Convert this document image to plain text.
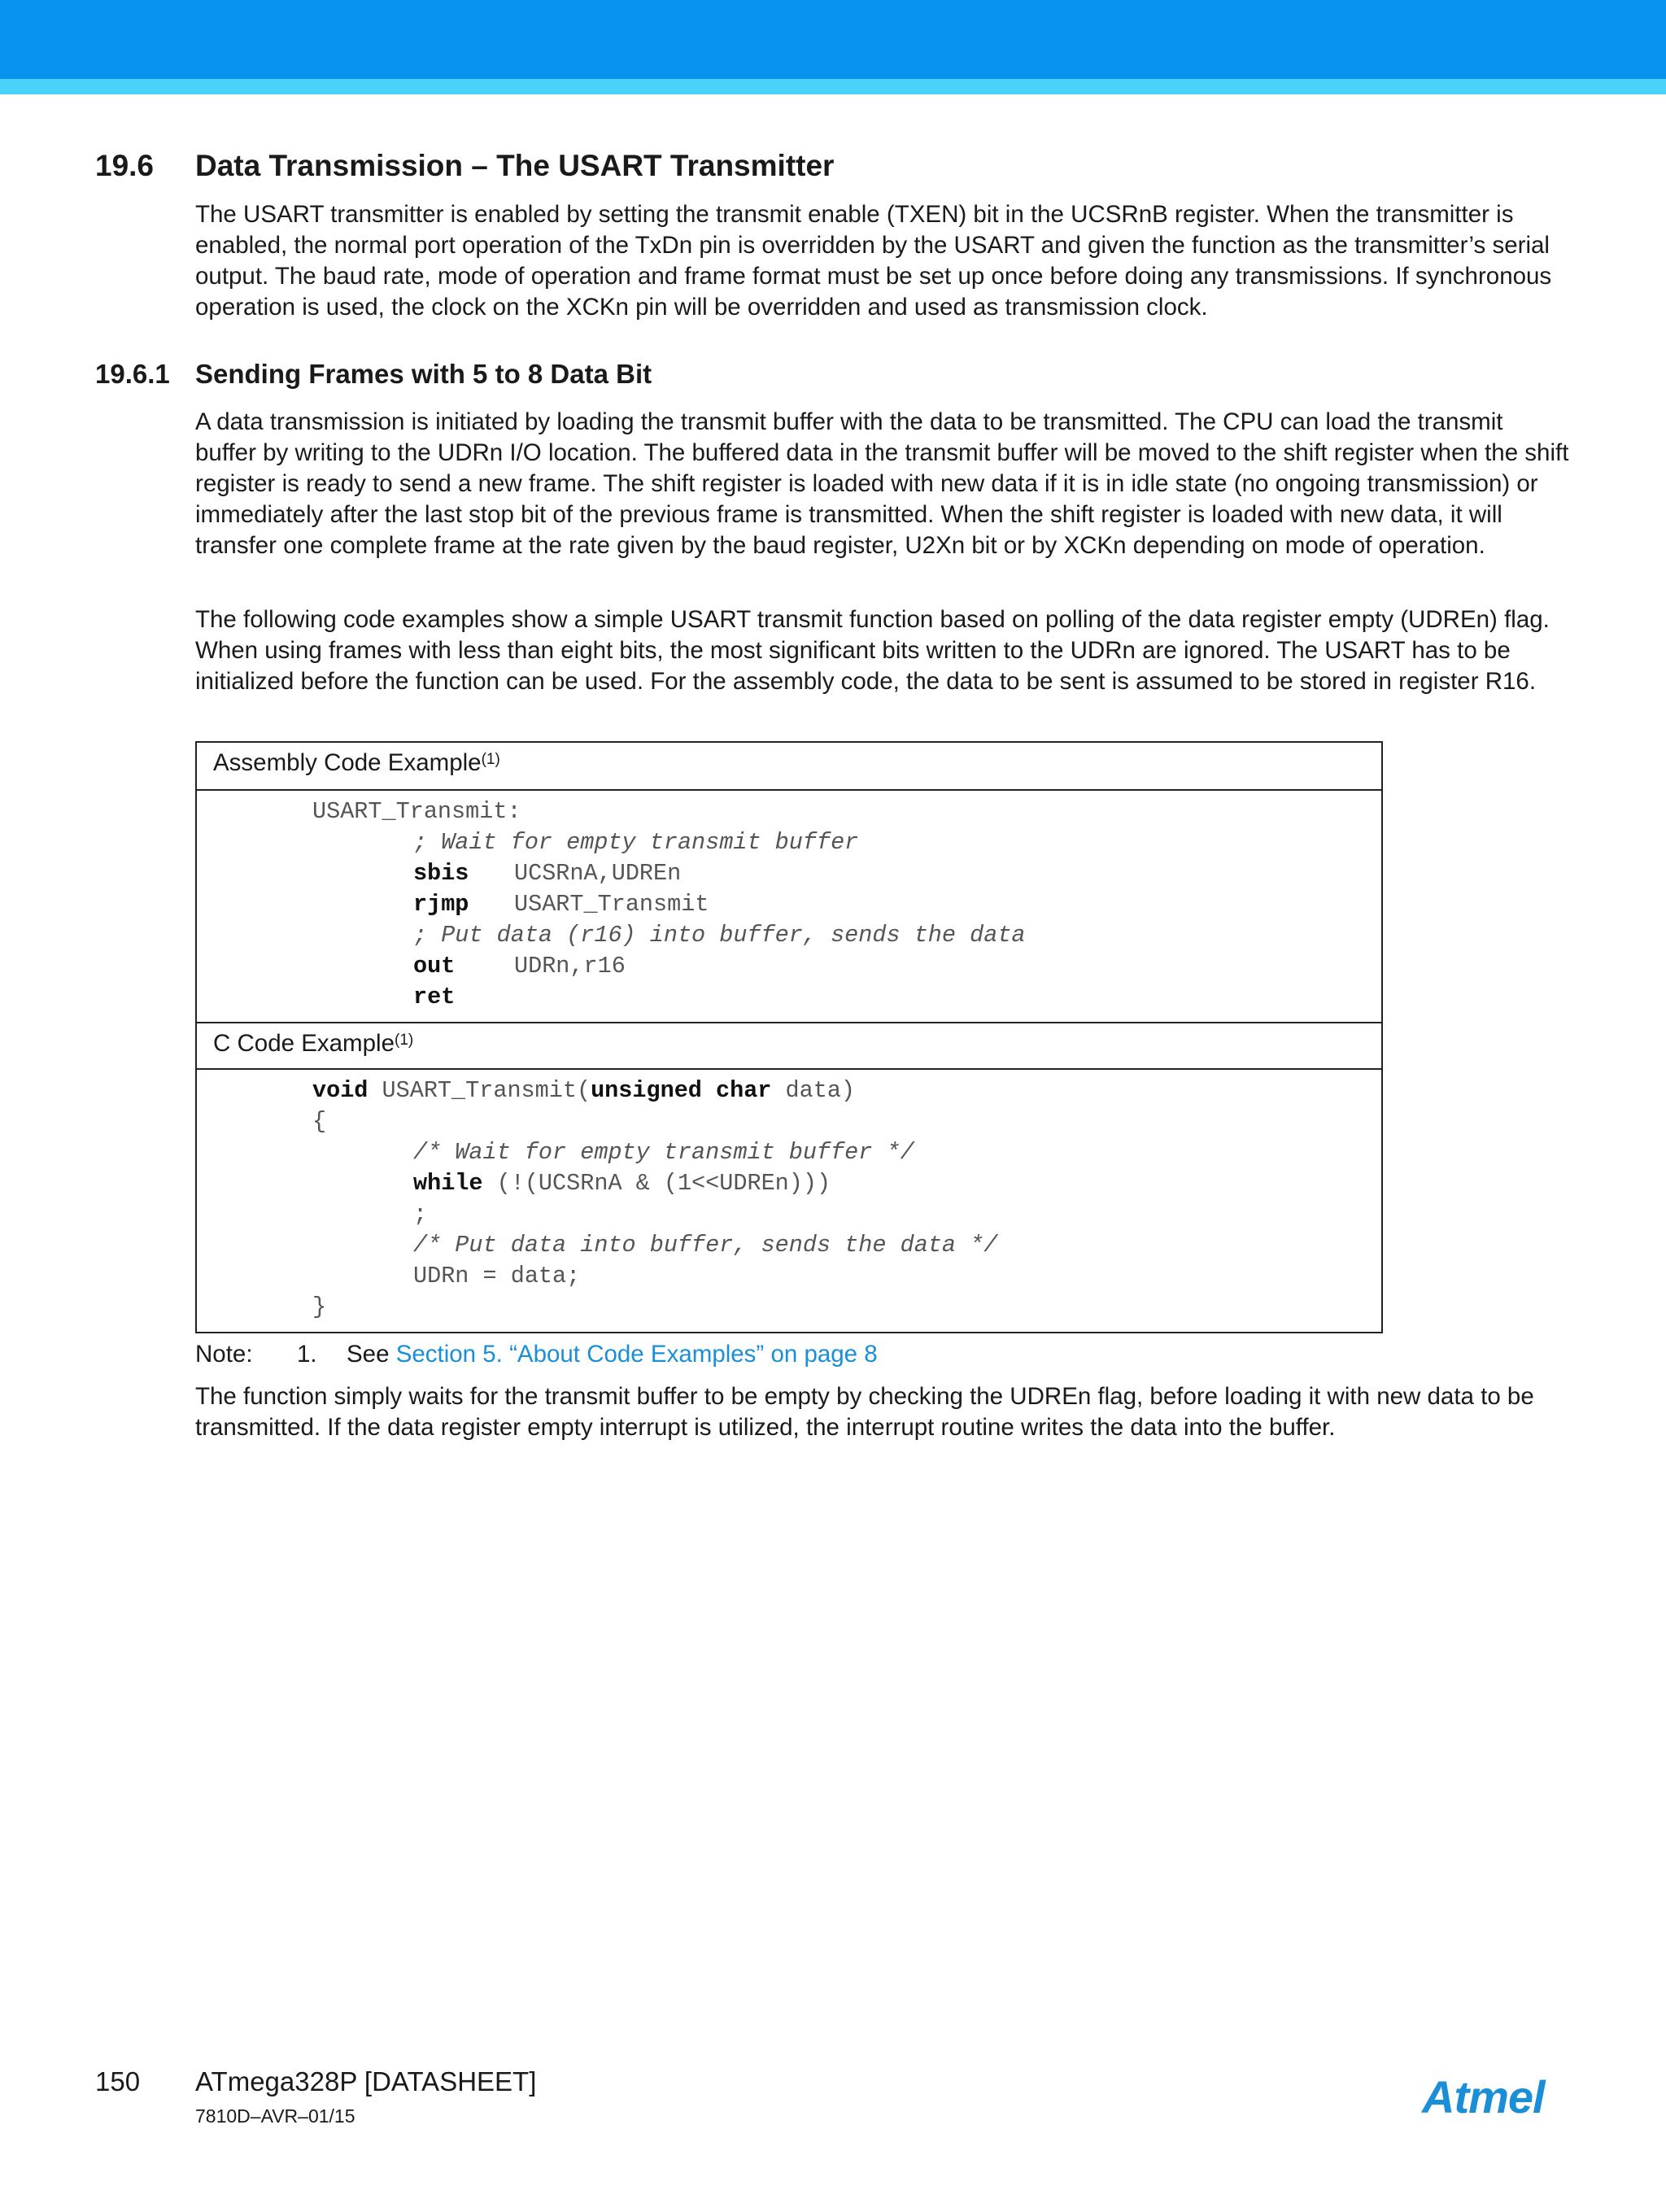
19.6 Data Transmission – The USART Transmitter
The USART transmitter is enabled by setting the transmit enable (TXEN) bit in the UCSRnB register. When the transmitter is enabled, the normal port operation of the TxDn pin is overridden by the USART and given the function as the transmitter’s serial output. The baud rate, mode of operation and frame format must be set up once before doing any transmissions. If synchronous operation is used, the clock on the XCKn pin will be overridden and used as transmission clock.
19.6.1 Sending Frames with 5 to 8 Data Bit
A data transmission is initiated by loading the transmit buffer with the data to be transmitted. The CPU can load the transmit buffer by writing to the UDRn I/O location. The buffered data in the transmit buffer will be moved to the shift register when the shift register is ready to send a new frame. The shift register is loaded with new data if it is in idle state (no ongoing transmission) or immediately after the last stop bit of the previous frame is transmitted. When the shift register is loaded with new data, it will transfer one complete frame at the rate given by the baud register, U2Xn bit or by XCKn depending on mode of operation.
The following code examples show a simple USART transmit function based on polling of the data register empty (UDREn) flag. When using frames with less than eight bits, the most significant bits written to the UDRn are ignored. The USART has to be initialized before the function can be used. For the assembly code, the data to be sent is assumed to be stored in register R16.
Assembly Code Example$^{(1)}$
USART_Transmit:
; Wait for empty transmit buffer
sbis UCSRnA,UDREn
rjmp USART_Transmit
; Put data (r16) into buffer, sends the data
out	UDRn,r16
ret
C Code Example$^{(1)}$
void USART_Transmit(unsigned char data)
{
/* Wait for empty transmit buffer */
while (!(UCSRnA & (1<<UDREn)))
;
/* Put data into buffer, sends the data */
UDRn = data;
}
Note: 1. See Section 5. “About Code Examples” on page 8
The function simply waits for the transmit buffer to be empty by checking the UDREn flag, before loading it with new data to be transmitted. If the data register empty interrupt is utilized, the interrupt routine writes the data into the buffer.
150 ATmega328P [DATASHEET]
7810D–AVR–01/15	Atmel
